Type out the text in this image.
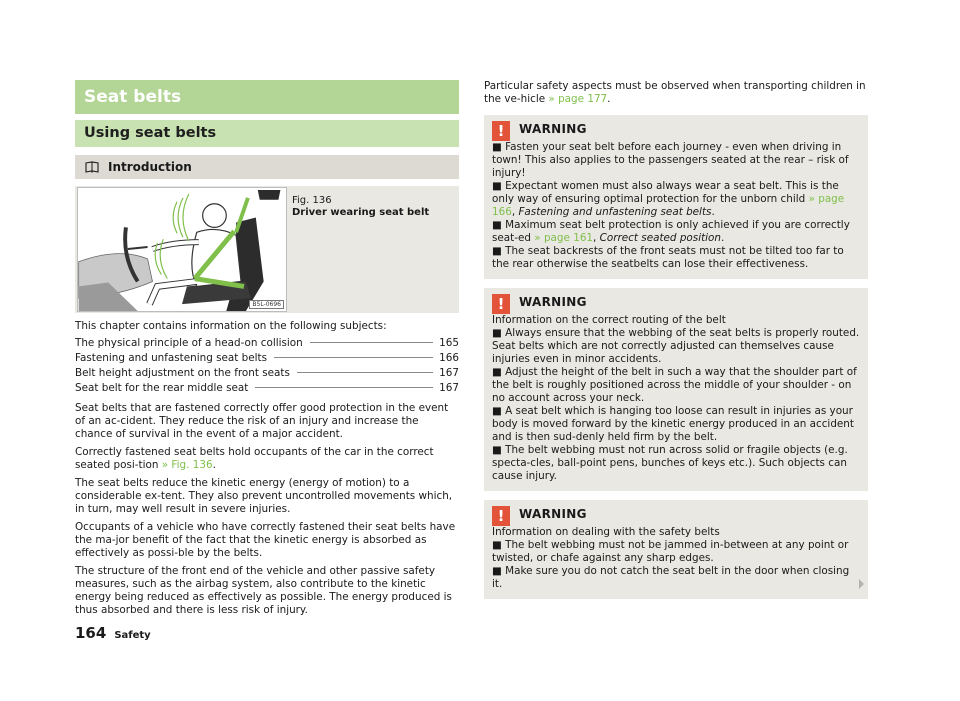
Seat belts
Using seat belts
Introduction
B5L-0696
Fig. 136
Driver wearing seat belt

This chapter contains information on the following subjects:

The physical principle of a head-on collision	165
Fastening and unfastening seat belts	166
Belt height adjustment on the front seats	167
Seat belt for the rear middle seat	167

Seat belts that are fastened correctly offer good protection in the event of an ac-cident. They reduce the risk of an injury and increase the chance of survival in the event of a major accident.

Correctly fastened seat belts hold occupants of the car in the correct seated posi-tion » Fig. 136.

The seat belts reduce the kinetic energy (energy of motion) to a considerable ex-tent. They also prevent uncontrolled movements which, in turn, may well result in severe injuries.

Occupants of a vehicle who have correctly fastened their seat belts have the ma-jor benefit of the fact that the kinetic energy is absorbed as effectively as possi-ble by the belts.

The structure of the front end of the vehicle and other passive safety measures, such as the airbag system, also contribute to the kinetic energy being reduced as effectively as possible. The energy produced is thus absorbed and there is less risk of injury.

164 Safety

Particular safety aspects must be observed when transporting children in the ve-hicle » page 177.

!	WARNING

■ Fasten your seat belt before each journey - even when driving in town! This also applies to the passengers seated at the rear – risk of injury!

■ Expectant women must also always wear a seat belt. This is the only way of ensuring optimal protection for the unborn child » page 166, Fastening and unfastening seat belts.

■ Maximum seat belt protection is only achieved if you are correctly seat-ed » page 161, Correct seated position.

■ The seat backrests of the front seats must not be tilted too far to the rear otherwise the seatbelts can lose their effectiveness.

!	WARNING

Information on the correct routing of the belt

■ Always ensure that the webbing of the seat belts is properly routed. Seat belts which are not correctly adjusted can themselves cause injuries even in minor accidents.

■ Adjust the height of the belt in such a way that the shoulder part of the belt is roughly positioned across the middle of your shoulder - on no account across your neck.

■ A seat belt which is hanging too loose can result in injuries as your body is moved forward by the kinetic energy produced in an accident and is then sud-denly held firm by the belt.

■ The belt webbing must not run across solid or fragile objects (e.g. specta-cles, ball-point pens, bunches of keys etc.). Such objects can cause injury.

!	WARNING

Information on dealing with the safety belts

■ The belt webbing must not be jammed in-between at any point or twisted, or chafe against any sharp edges.

■ Make sure you do not catch the seat belt in the door when closing it.
